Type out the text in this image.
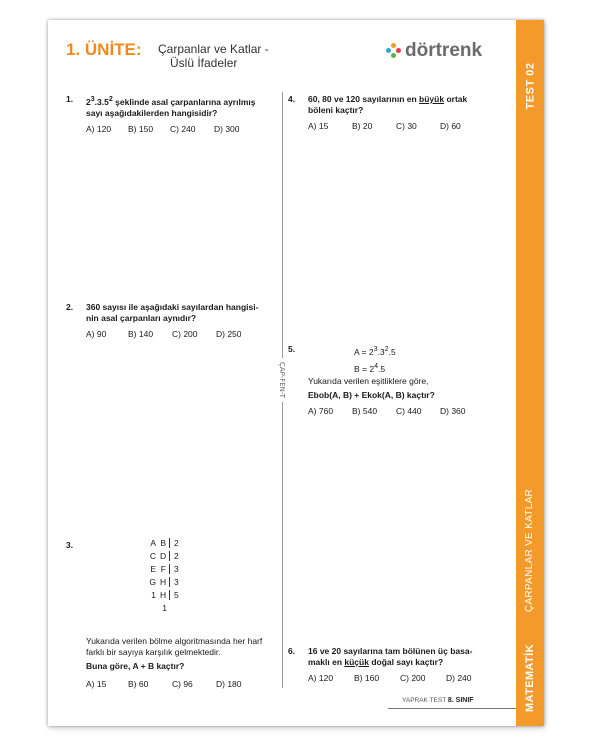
1. ÜNİTE: Çarpanlar ve Katlar -
Üslü İfadeler
dörtrenk
TEST 02
ÇARPANLAR VE KATLAR
MATEMATİK
ÇAP-FEN-T
1. $2^3.3.5^2$ şeklinde asal çarpanlarına ayrılmış
sayı aşağıdakilerden hangisidir?
A) 120	B) 150	C) 240	D) 300
2. 360 sayısı ile aşağıdaki sayılardan hangisi-
nin asal çarpanları aynıdır?
A) 90	B) 140	C) 200	D) 250
3.	A B 2
C D 2
E F 3
G H 3
1 H 5
1
Yukarıda verilen bölme algoritmasında her harf
farklı bir sayıya karşılık gelmektedir.
Buna göre, A + B kaçtır?
A) 15	B) 60	C) 96	D) 180
4. 60, 80 ve 120 sayılarının en büyük ortak
böleni kaçtır?
A) 15	B) 20	C) 30	D) 60
5.	$A = 2^3.3^2.5$
$B = 2^4.5$
Yukarıda verilen eşitliklere göre,
Ebob(A, B) + Ekok(A, B) kaçtır?
A) 760	B) 540	C) 440	D) 360
6. 16 ve 20 sayılarına tam bölünen üç basa-
maklı en küçük doğal sayı kaçtır?
A) 120	B) 160	C) 200	D) 240
YAPRAK TEST 8. SINIF
